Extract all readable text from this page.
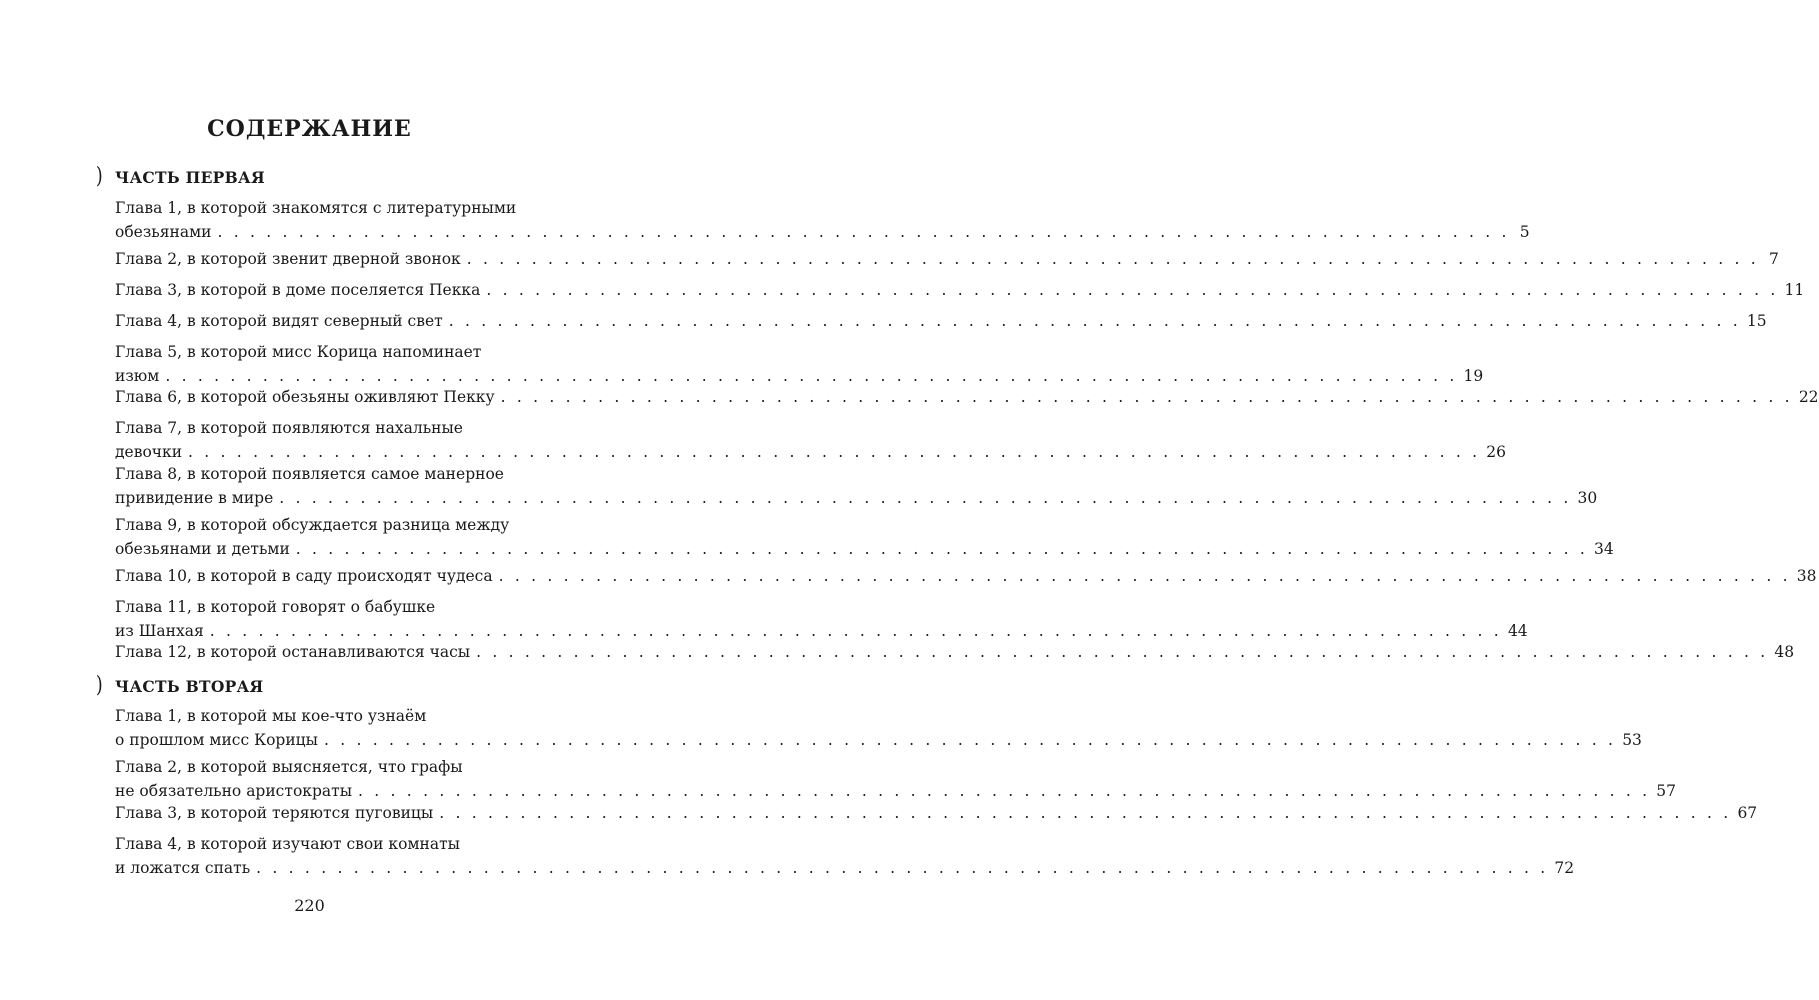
СОДЕРЖАНИЕ
) ЧАСТЬ ПЕРВАЯ
Глава 1, в которой знакомятся с литературными
обезьянами . . . . . . . . . . . . . . . . . . . . . . . . . . . . . . . . . . . . . . . . . . . . . . . . . . . . . . . . . . . . . . . . . . . . . . . . . . . . . . . . 5
Глава 2, в которой звенит дверной звонок . . . . . . . . . . . . . . . . . . . . . . . . . . . . . . . . . . . . . . . . . . . . . . . . . . . . . . . . . . . . . . . . . . . . . . . . . . . . . . . . 7
Глава 3, в которой в доме поселяется Пекка . . . . . . . . . . . . . . . . . . . . . . . . . . . . . . . . . . . . . . . . . . . . . . . . . . . . . . . . . . . . . . . . . . . . . . . . . . . . . . . . 11
Глава 4, в которой видят северный свет . . . . . . . . . . . . . . . . . . . . . . . . . . . . . . . . . . . . . . . . . . . . . . . . . . . . . . . . . . . . . . . . . . . . . . . . . . . . . . . . 15
Глава 5, в которой мисс Корица напоминает
изюм . . . . . . . . . . . . . . . . . . . . . . . . . . . . . . . . . . . . . . . . . . . . . . . . . . . . . . . . . . . . . . . . . . . . . . . . . . . . . . . . 19
Глава 6, в которой обезьяны оживляют Пекку . . . . . . . . . . . . . . . . . . . . . . . . . . . . . . . . . . . . . . . . . . . . . . . . . . . . . . . . . . . . . . . . . . . . . . . . . . . . . . . . 22
Глава 7, в которой появляются нахальные
девочки . . . . . . . . . . . . . . . . . . . . . . . . . . . . . . . . . . . . . . . . . . . . . . . . . . . . . . . . . . . . . . . . . . . . . . . . . . . . . . . . 26
Глава 8, в которой появляется самое манерное
привидение в мире . . . . . . . . . . . . . . . . . . . . . . . . . . . . . . . . . . . . . . . . . . . . . . . . . . . . . . . . . . . . . . . . . . . . . . . . . . . . . . . . 30
Глава 9, в которой обсуждается разница между
обезьянами и детьми . . . . . . . . . . . . . . . . . . . . . . . . . . . . . . . . . . . . . . . . . . . . . . . . . . . . . . . . . . . . . . . . . . . . . . . . . . . . . . . . 34
Глава 10, в которой в саду происходят чудеса . . . . . . . . . . . . . . . . . . . . . . . . . . . . . . . . . . . . . . . . . . . . . . . . . . . . . . . . . . . . . . . . . . . . . . . . . . . . . . . . 38
Глава 11, в которой говорят о бабушке
из Шанхая . . . . . . . . . . . . . . . . . . . . . . . . . . . . . . . . . . . . . . . . . . . . . . . . . . . . . . . . . . . . . . . . . . . . . . . . . . . . . . . . 44
Глава 12, в которой останавливаются часы . . . . . . . . . . . . . . . . . . . . . . . . . . . . . . . . . . . . . . . . . . . . . . . . . . . . . . . . . . . . . . . . . . . . . . . . . . . . . . . . 48
) ЧАСТЬ ВТОРАЯ
Глава 1, в которой мы кое-что узнаём
о прошлом мисс Корицы . . . . . . . . . . . . . . . . . . . . . . . . . . . . . . . . . . . . . . . . . . . . . . . . . . . . . . . . . . . . . . . . . . . . . . . . . . . . . . . . 53
Глава 2, в которой выясняется, что графы
не обязательно аристократы . . . . . . . . . . . . . . . . . . . . . . . . . . . . . . . . . . . . . . . . . . . . . . . . . . . . . . . . . . . . . . . . . . . . . . . . . . . . . . . . 57
Глава 3, в которой теряются пуговицы . . . . . . . . . . . . . . . . . . . . . . . . . . . . . . . . . . . . . . . . . . . . . . . . . . . . . . . . . . . . . . . . . . . . . . . . . . . . . . . . 67
Глава 4, в которой изучают свои комнаты
и ложатся спать . . . . . . . . . . . . . . . . . . . . . . . . . . . . . . . . . . . . . . . . . . . . . . . . . . . . . . . . . . . . . . . . . . . . . . . . . . . . . . . . 72
220
